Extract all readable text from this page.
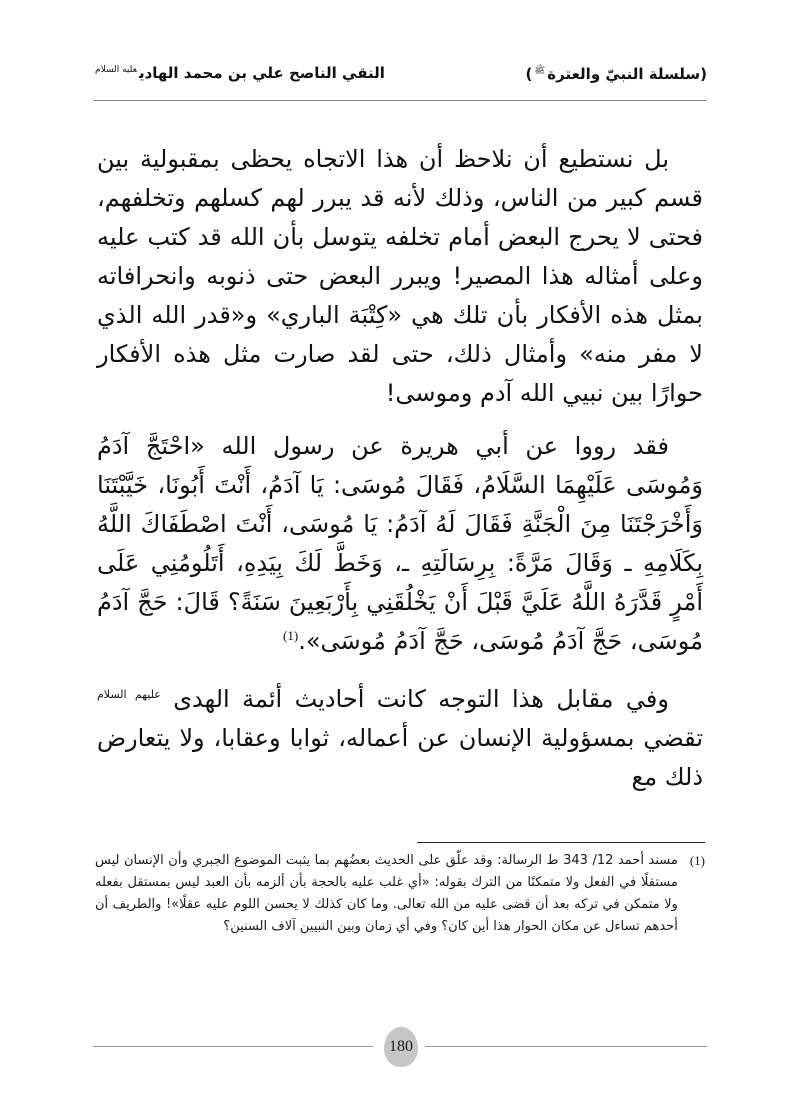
(سلسلة النبيّ والعترة$^ﷺ$)
النقي الناصح علي بن محمد الهادي$^{عليه السلام}$

بل نستطيع أن نلاحظ أن هذا الاتجاه يحظى بمقبولية بين قسم كبير من الناس، وذلك لأنه قد يبرر لهم كسلهم وتخلفهم، فحتى لا يحرج البعض أمام تخلفه يتوسل بأن الله قد كتب عليه وعلى أمثاله هذا المصير! ويبرر البعض حتى ذنوبه وانحرافاته بمثل هذه الأفكار بأن تلك هي «كِتْبَة الباري» و«قدر الله الذي لا مفر منه» وأمثال ذلك، حتى لقد صارت مثل هذه الأفكار حوارًا بين نبيي الله آدم وموسى!

فقد رووا عن أبي هريرة عن رسول الله «احْتَجَّ آدَمُ وَمُوسَى عَلَيْهِمَا السَّلَامُ، فَقَالَ مُوسَى: يَا آدَمُ، أَنْتَ أَبُونَا، خَيَّبْتَنَا وَأَخْرَجْتَنَا مِنَ الْجَنَّةِ فَقَالَ لَهُ آدَمُ: يَا مُوسَى، أَنْتَ اصْطَفَاكَ اللَّهُ بِكَلَامِهِ ـ وَقَالَ مَرَّةً: بِرِسَالَتِهِ ـ، وَخَطَّ لَكَ بِيَدِهِ، أَتَلُومُنِي عَلَى أَمْرٍ قَدَّرَهُ اللَّهُ عَلَيَّ قَبْلَ أَنْ يَخْلُقَنِي بِأَرْبَعِينَ سَنَةً؟ قَالَ: حَجَّ آدَمُ مُوسَى، حَجَّ آدَمُ مُوسَى، حَجَّ آدَمُ مُوسَى».$^{(1)}$

وفي مقابل هذا التوجه كانت أحاديث أئمة الهدى $^{عليهم السلام}$ تقضي بمسؤولية الإنسان عن أعماله، ثوابا وعقابا، ولا يتعارض ذلك مع

(1)
مسند أحمد 12/ 343 ط الرسالة: وقد علّق على الحديث بعضُهم بما يثبت الموضوع الجبري وأن الإنسان ليس مستقلًا في الفعل ولا متمكنًا من الترك بقوله: «أي غلب عليه بالحجة بأن ألزمه بأن العبد ليس بمستقل بفعله ولا متمكن في تركه بعد أن قضى عليه من الله تعالى. وما كان كذلك لا يحسن اللوم عليه عقلًا»! والطريف أن أحدهم تساءل عن مكان الحوار هذا أين كان؟ وفي أي زمان وبين النبيين آلاف السنين؟
180
